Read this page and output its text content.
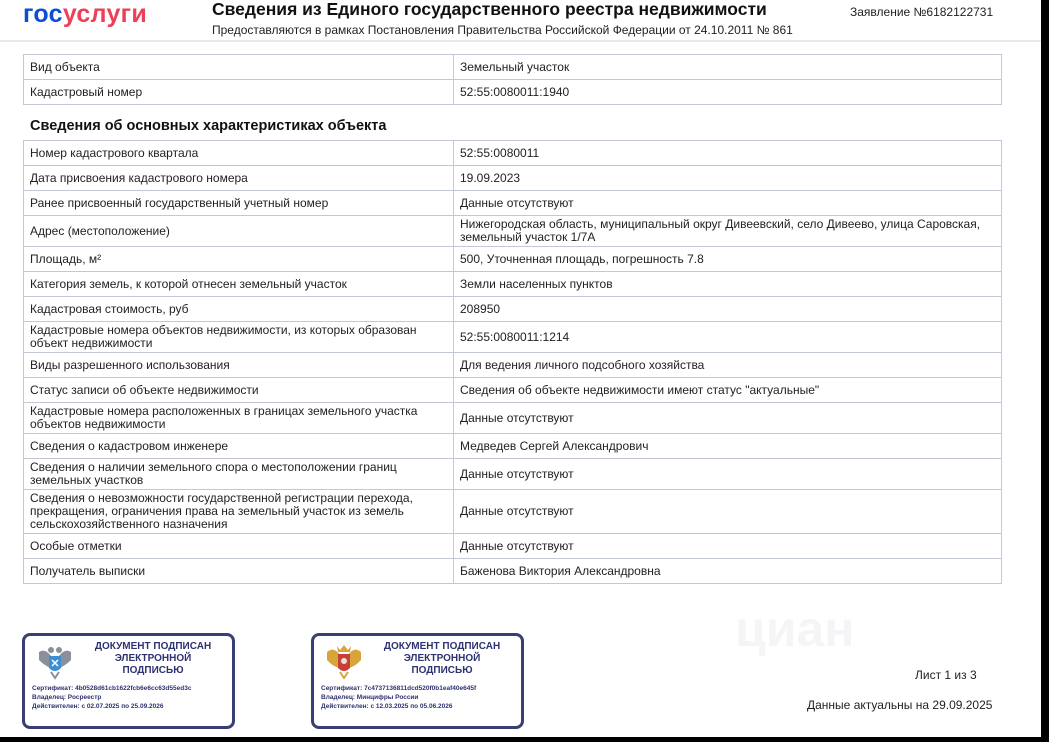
циан
госуслуги	Сведения из Единого государственного реестра недвижимости
Предоставляются в рамках Постановления Правительства Российской Федерации от 24.10.2011 № 861
Заявление №6182122731
Вид объекта	Земельный участок
Кадастровый номер	52:55:0080011:1940
Сведения об основных характеристиках объекта
Номер кадастрового квартала	52:55:0080011
Дата присвоения кадастрового номера	19.09.2023
Ранее присвоенный государственный учетный номер	Данные отсутствуют
Адрес (местоположение)	Нижегородская область, муниципальный округ Дивеевский, село Дивеево, улица Саровская, земельный участок 1/7А
Площадь, м²	500, Уточненная площадь, погрешность 7.8
Категория земель, к которой отнесен земельный участок	Земли населенных пунктов
Кадастровая стоимость, руб	208950
Кадастровые номера объектов недвижимости, из которых образован объект недвижимости	52:55:0080011:1214
Виды разрешенного использования	Для ведения личного подсобного хозяйства
Статус записи об объекте недвижимости	Сведения об объекте недвижимости имеют статус "актуальные"
Кадастровые номера расположенных в границах земельного участка объектов недвижимости	Данные отсутствуют
Сведения о кадастровом инженере	Медведев Сергей Александрович
Сведения о наличии земельного спора о местоположении границ земельных участков	Данные отсутствуют
Сведения о невозможности государственной регистрации перехода, прекращения, ограничения права на земельный участок из земель сельскохозяйственного назначения	Данные отсутствуют
Особые отметки	Данные отсутствуют
Получатель выписки	Баженова Виктория Александровна
ДОКУМЕНТ ПОДПИСАН ЭЛЕКТРОННОЙ ПОДПИСЬЮ
Сертификат: 4b0528d61cb1622fcb6e6cc63d55ed3c
Владелец: Росреестр
Действителен: с 02.07.2025 по 25.09.2026
ДОКУМЕНТ ПОДПИСАН ЭЛЕКТРОННОЙ ПОДПИСЬЮ
Сертификат: 7c4737136811dcd520f0b1eaf40e645f
Владелец: Минцифры России
Действителен: с 12.03.2025 по 05.06.2026
Лист 1 из 3
Данные актуальны на 29.09.2025
